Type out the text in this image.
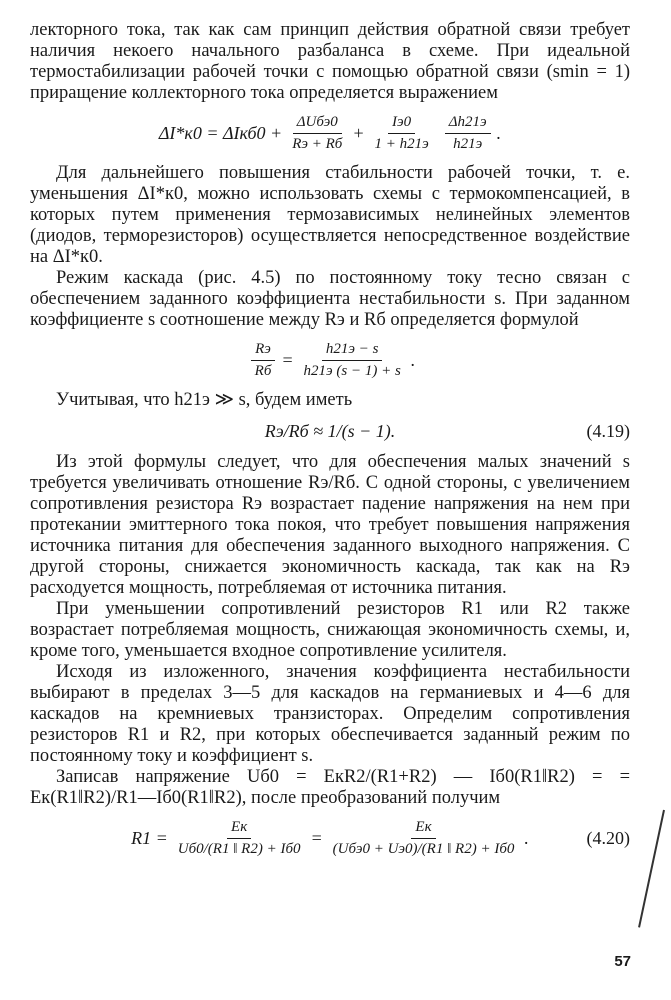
лекторного тока, так как сам принцип действия обратной связи требует наличия некоего начального разбаланса в схеме. При идеальной термостабилизации рабочей точки с помощью обратной связи (smin = 1) приращение коллекторного тока определяется выражением

$\Delta I*к0 = \Delta Iкб0 + \frac{\text{ΔUбэ0}}{Rэ + Rб} + \frac{Iэ0}{1 + h21э} \frac{\Delta h21э}{h21э}$ .

Для дальнейшего повышения стабильности рабочей точки, т. е. уменьшения ΔI*к0, можно использовать схемы с термокомпенсацией, в которых путем применения термозависимых нелинейных элементов (диодов, терморезисторов) осуществляется непосредственное воздействие на ΔI*к0.

Режим каскада (рис. 4.5) по постоянному току тесно связан с обеспечением заданного коэффициента нестабильности s. При заданном коэффициенте s соотношение между Rэ и Rб определяется формулой

$\frac{Rэ}{Rб} = \frac{h21э - s}{h21э (s - 1) + s}$ .

Учитывая, что h21э ≫ s, будем иметь

Rэ/Rб ≈ 1/(s − 1).	(4.19)

Из этой формулы следует, что для обеспечения малых значений s требуется увеличивать отношение Rэ/Rб. С одной стороны, с увеличением сопротивления резистора Rэ возрастает падение напряжения на нем при протекании эмиттерного тока покоя, что требует повышения напряжения источника питания для обеспечения заданного выходного напряжения. С другой стороны, снижается экономичность каскада, так как на Rэ расходуется мощность, потребляемая от источника питания.

При уменьшении сопротивлений резисторов R1 или R2 также возрастает потребляемая мощность, снижающая экономичность схемы, и, кроме того, уменьшается входное сопротивление усилителя.

Исходя из изложенного, значения коэффициента нестабильности выбирают в пределах 3—5 для каскадов на германиевых и 4—6 для каскадов на кремниевых транзисторах. Определим сопротивления резисторов R1 и R2, при которых обеспечивается заданный режим по постоянному току и коэффициент s.

Записав напряжение Uб0 = EкR2/(R1+R2) — Iб0(R1‖R2) = = Eк(R1‖R2)/R1—Iб0(R1‖R2), после преобразований получим

$R1 = \frac{Eк}{Uб0/(R1 ‖ R2) + Iб0} = \frac{Eк}{\text{(Uбэ0 + Uэ0)/(R1 ‖ R2) + Iб0}}$ .	(4.20)
57
